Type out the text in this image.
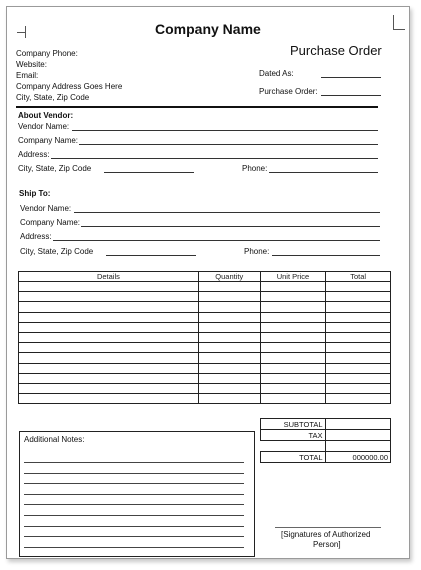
Company Name
Company Phone:
Website:
Email:
Company Address Goes Here
City, State, Zip Code
Purchase Order
Dated As:
Purchase Order:
About Vendor:
Vendor Name:
Company Name:
Address:
City, State, Zip Code	Phone:
Ship To:
Vendor Name:
Company Name:
Address:
City, State, Zip Code	Phone:
Details	Quantity	Unit Price	Total

SUBTOTAL	
TAX	

TOTAL	000000.00
Additional Notes:
[Signatures of Authorized
Person]
